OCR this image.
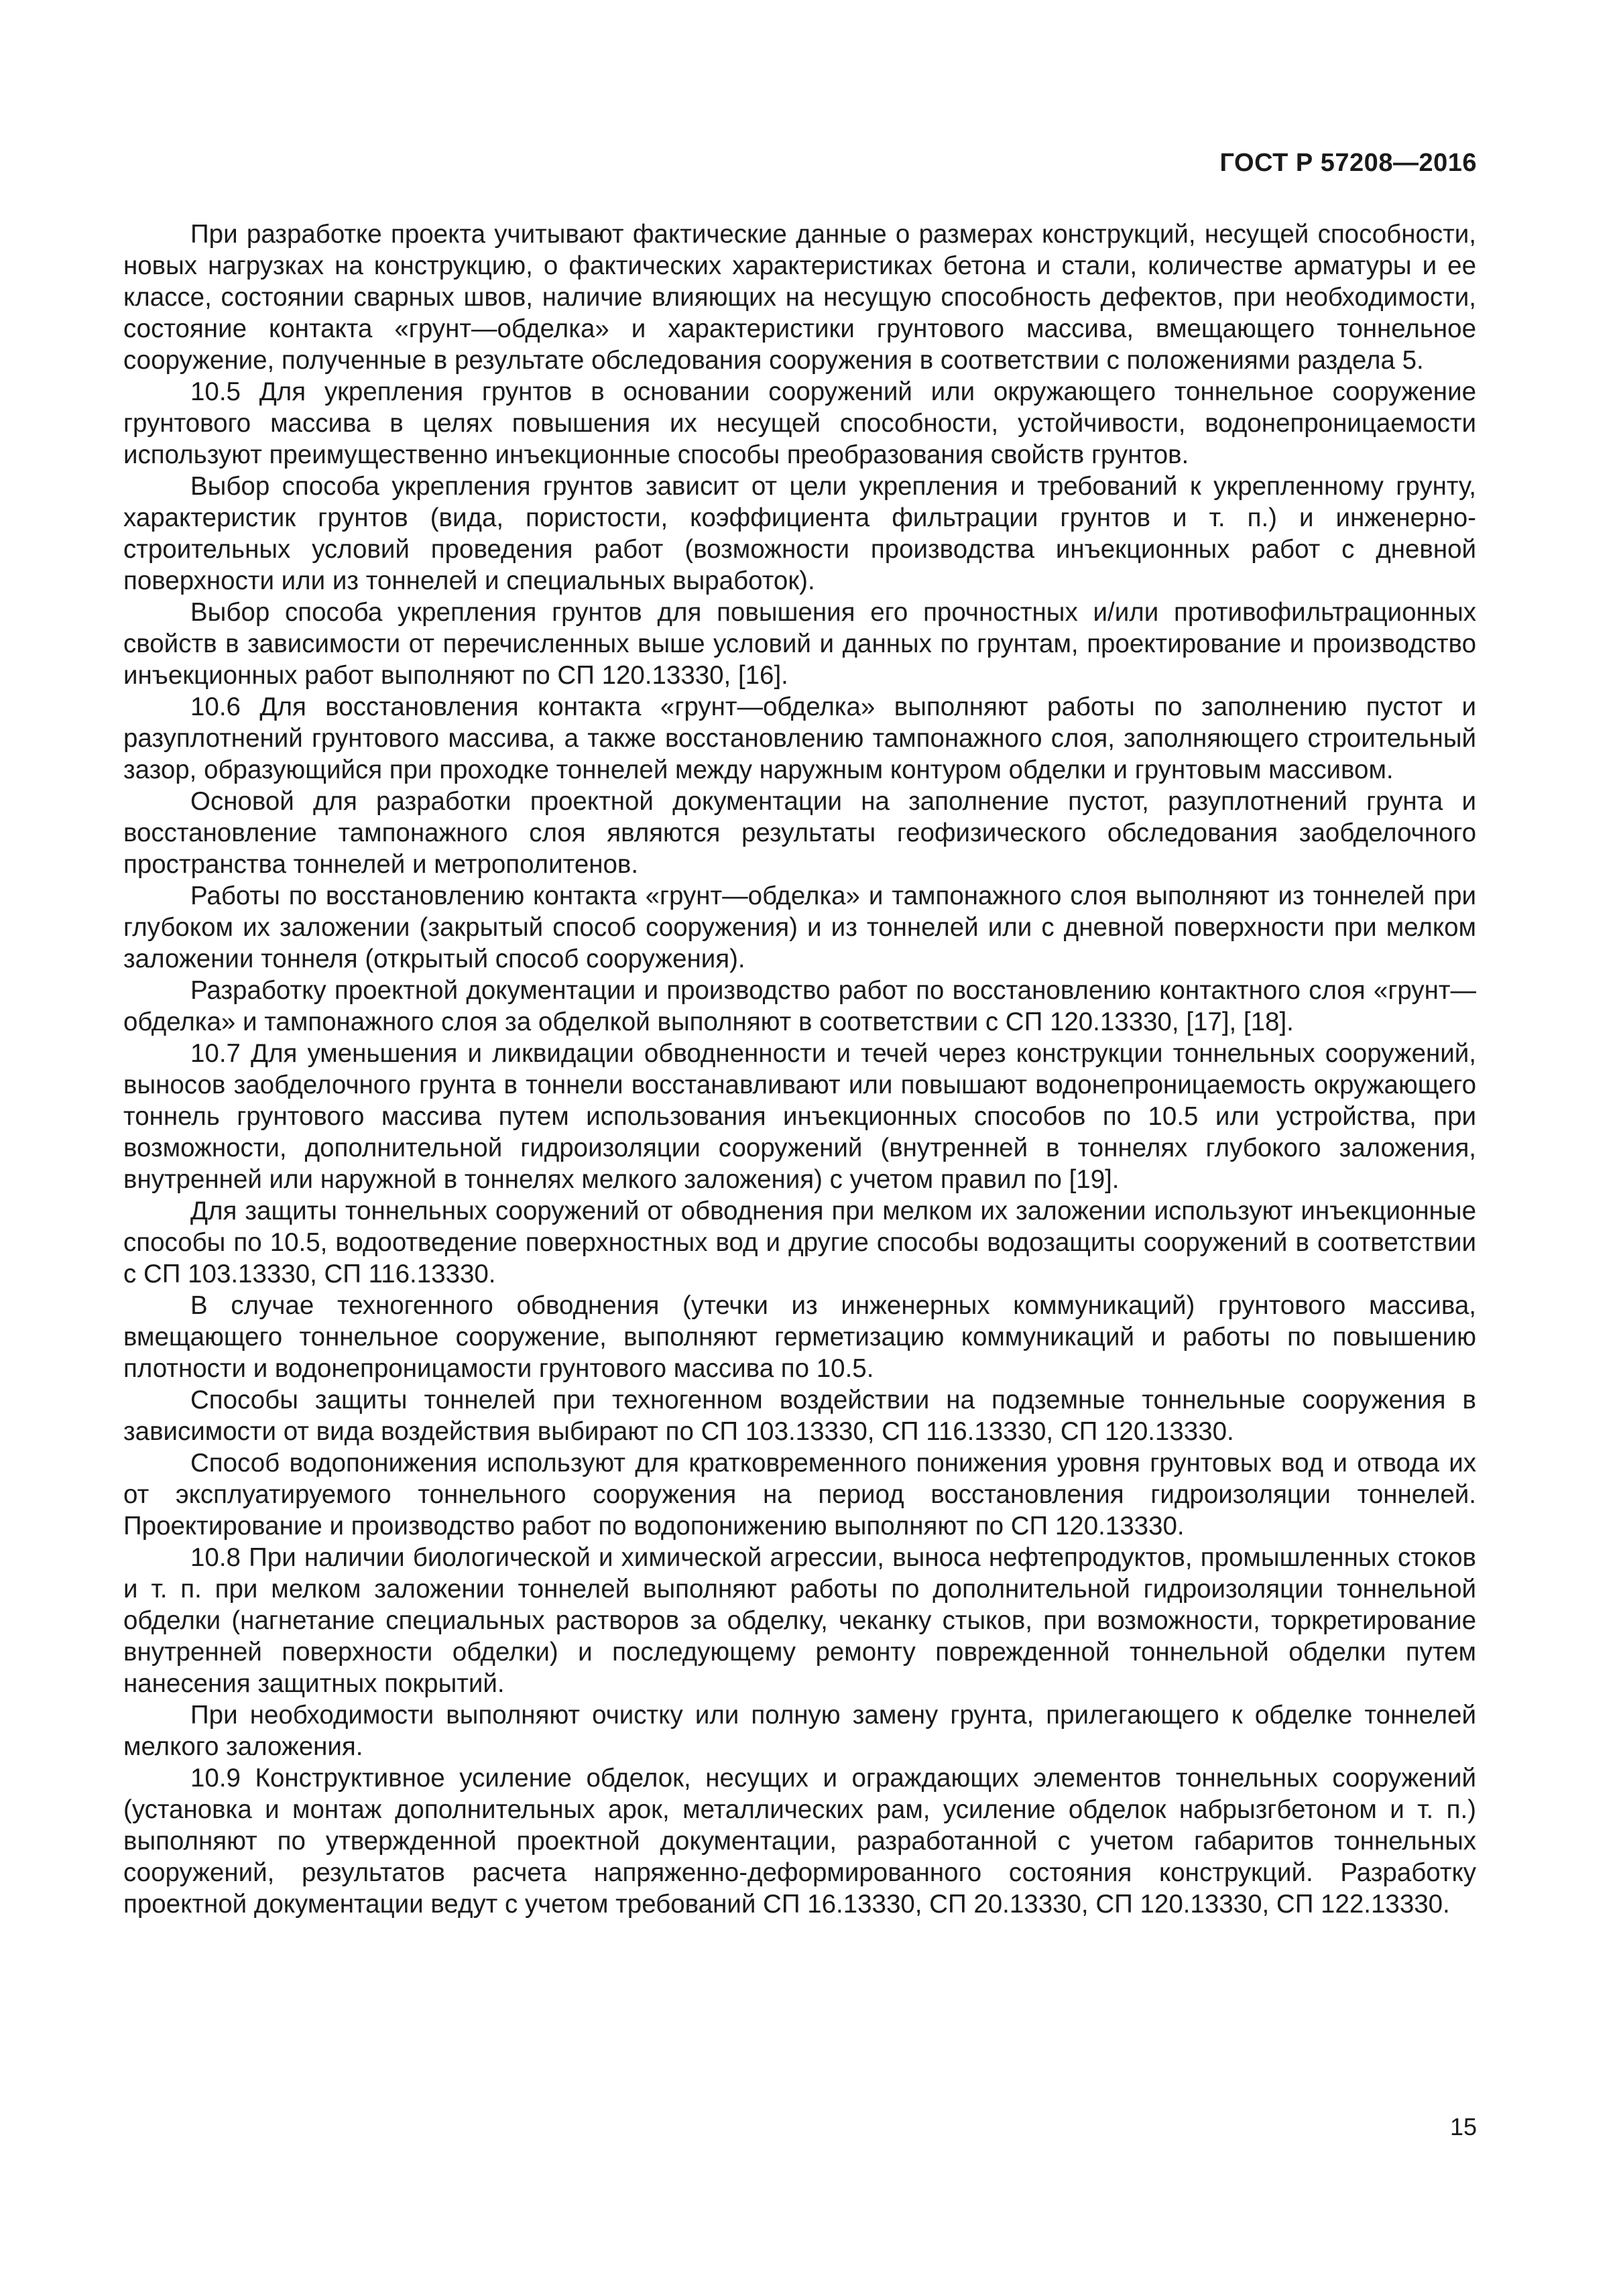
ГОСТ Р 57208—2016

При разработке проекта учитывают фактические данные о размерах конструкций, несущей способности, новых нагрузках на конструкцию, о фактических характеристиках бетона и стали, количестве арматуры и ее классе, состоянии сварных швов, наличие влияющих на несущую способность дефектов, при необходимости, состояние контакта «грунт—обделка» и характеристики грунтового массива, вмещающего тоннельное сооружение, полученные в результате обследования сооружения в соответствии с положениями раздела 5.

10.5 Для укрепления грунтов в основании сооружений или окружающего тоннельное сооружение грунтового массива в целях повышения их несущей способности, устойчивости, водонепроницаемости используют преимущественно инъекционные способы преобразования свойств грунтов.

Выбор способа укрепления грунтов зависит от цели укрепления и требований к укрепленному грунту, характеристик грунтов (вида, пористости, коэффициента фильтрации грунтов и т. п.) и инженерно-строительных условий проведения работ (возможности производства инъекционных работ с дневной поверхности или из тоннелей и специальных выработок).

Выбор способа укрепления грунтов для повышения его прочностных и/или противофильтрационных свойств в зависимости от перечисленных выше условий и данных по грунтам, проектирование и производство инъекционных работ выполняют по СП 120.13330, [16].

10.6 Для восстановления контакта «грунт—обделка» выполняют работы по заполнению пустот и разуплотнений грунтового массива, а также восстановлению тампонажного слоя, заполняющего строительный зазор, образующийся при проходке тоннелей между наружным контуром обделки и грунтовым массивом.

Основой для разработки проектной документации на заполнение пустот, разуплотнений грунта и восстановление тампонажного слоя являются результаты геофизического обследования заобделочного пространства тоннелей и метрополитенов.

Работы по восстановлению контакта «грунт—обделка» и тампонажного слоя выполняют из тоннелей при глубоком их заложении (закрытый способ сооружения) и из тоннелей или с дневной поверхности при мелком заложении тоннеля (открытый способ сооружения).

Разработку проектной документации и производство работ по восстановлению контактного слоя «грунт—обделка» и тампонажного слоя за обделкой выполняют в соответствии с СП 120.13330, [17], [18].

10.7 Для уменьшения и ликвидации обводненности и течей через конструкции тоннельных сооружений, выносов заобделочного грунта в тоннели восстанавливают или повышают водонепроницаемость окружающего тоннель грунтового массива путем использования инъекционных способов по 10.5 или устройства, при возможности, дополнительной гидроизоляции сооружений (внутренней в тоннелях глубокого заложения, внутренней или наружной в тоннелях мелкого заложения) с учетом правил по [19].

Для защиты тоннельных сооружений от обводнения при мелком их заложении используют инъекционные способы по 10.5, водоотведение поверхностных вод и другие способы водозащиты сооружений в соответствии с СП 103.13330, СП 116.13330.

В случае техногенного обводнения (утечки из инженерных коммуникаций) грунтового массива, вмещающего тоннельное сооружение, выполняют герметизацию коммуникаций и работы по повышению плотности и водонепроницамости грунтового массива по 10.5.

Способы защиты тоннелей при техногенном воздействии на подземные тоннельные сооружения в зависимости от вида воздействия выбирают по СП 103.13330, СП 116.13330, СП 120.13330.

Способ водопонижения используют для кратковременного понижения уровня грунтовых вод и отвода их от эксплуатируемого тоннельного сооружения на период восстановления гидроизоляции тоннелей. Проектирование и производство работ по водопонижению выполняют по СП 120.13330.

10.8 При наличии биологической и химической агрессии, выноса нефтепродуктов, промышленных стоков и т. п. при мелком заложении тоннелей выполняют работы по дополнительной гидроизоляции тоннельной обделки (нагнетание специальных растворов за обделку, чеканку стыков, при возможности, торкретирование внутренней поверхности обделки) и последующему ремонту поврежденной тоннельной обделки путем нанесения защитных покрытий.

При необходимости выполняют очистку или полную замену грунта, прилегающего к обделке тоннелей мелкого заложения.

10.9 Конструктивное усиление обделок, несущих и ограждающих элементов тоннельных сооружений (установка и монтаж дополнительных арок, металлических рам, усиление обделок набрызгбетоном и т. п.) выполняют по утвержденной проектной документации, разработанной с учетом габаритов тоннельных сооружений, результатов расчета напряженно-деформированного состояния конструкций. Разработку проектной документации ведут с учетом требований СП 16.13330, СП 20.13330, СП 120.13330, СП 122.13330.

15
